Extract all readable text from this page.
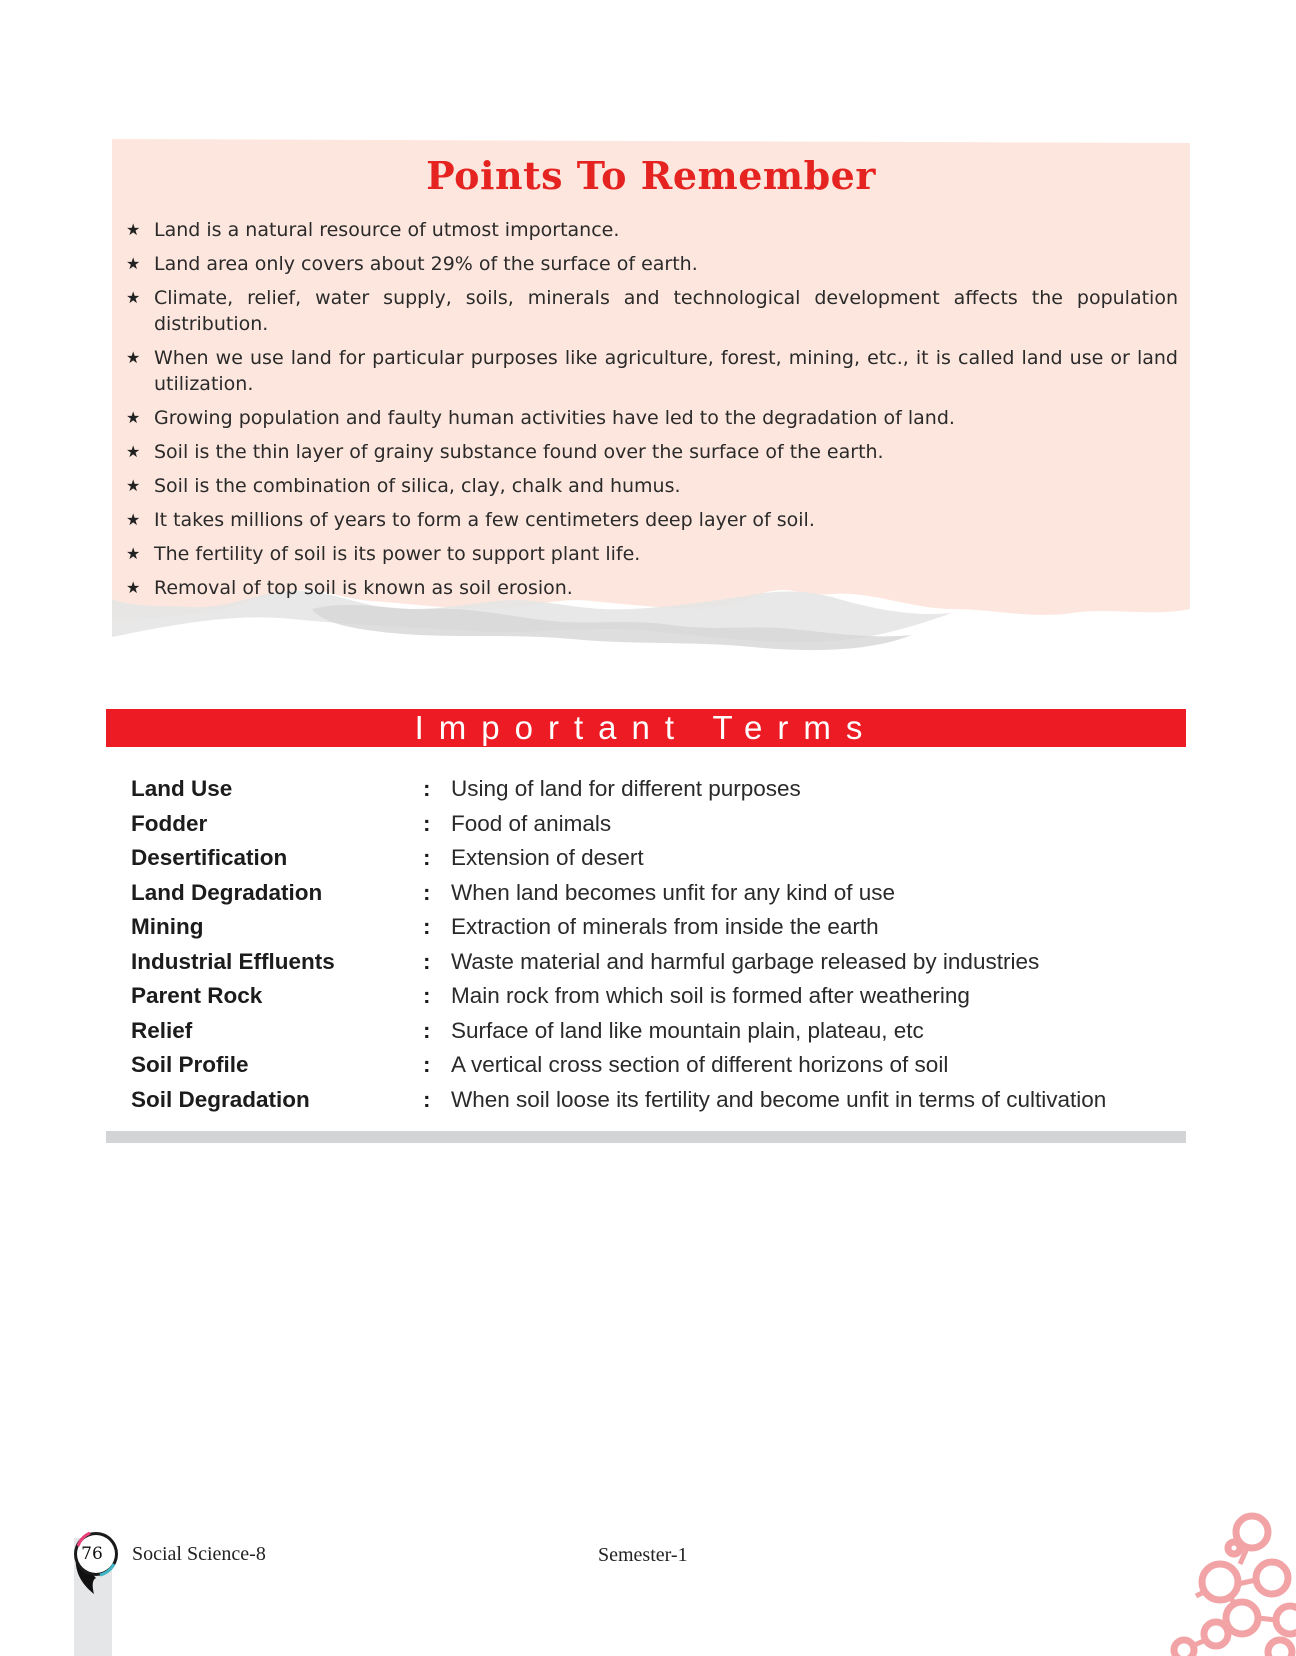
Points To Remember
★ Land is a natural resource of utmost importance.
★ Land area only covers about 29% of the surface of earth.
★ Climate, relief, water supply, soils, minerals and technological development affects the population distribution.
★ When we use land for particular purposes like agriculture, forest, mining, etc., it is called land use or land utilization.
★ Growing population and faulty human activities have led to the degradation of land.
★ Soil is the thin layer of grainy substance found over the surface of the earth.
★ Soil is the combination of silica, clay, chalk and humus.
★ It takes millions of years to form a few centimeters deep layer of soil.
★ The fertility of soil is its power to support plant life.
★ Removal of top soil is known as soil erosion.
Important Terms
Land Use	: Using of land for different purposes
Fodder	: Food of animals
Desertification	: Extension of desert
Land Degradation	: When land becomes unfit for any kind of use
Mining	: Extraction of minerals from inside the earth
Industrial Effluents	: Waste material and harmful garbage released by industries
Parent Rock	: Main rock from which soil is formed after weathering
Relief	: Surface of land like mountain plain, plateau, etc
Soil Profile	: A vertical cross section of different horizons of soil
Soil Degradation	: When soil loose its fertility and become unfit in terms of cultivation
76	Social Science-8	Semester-1
